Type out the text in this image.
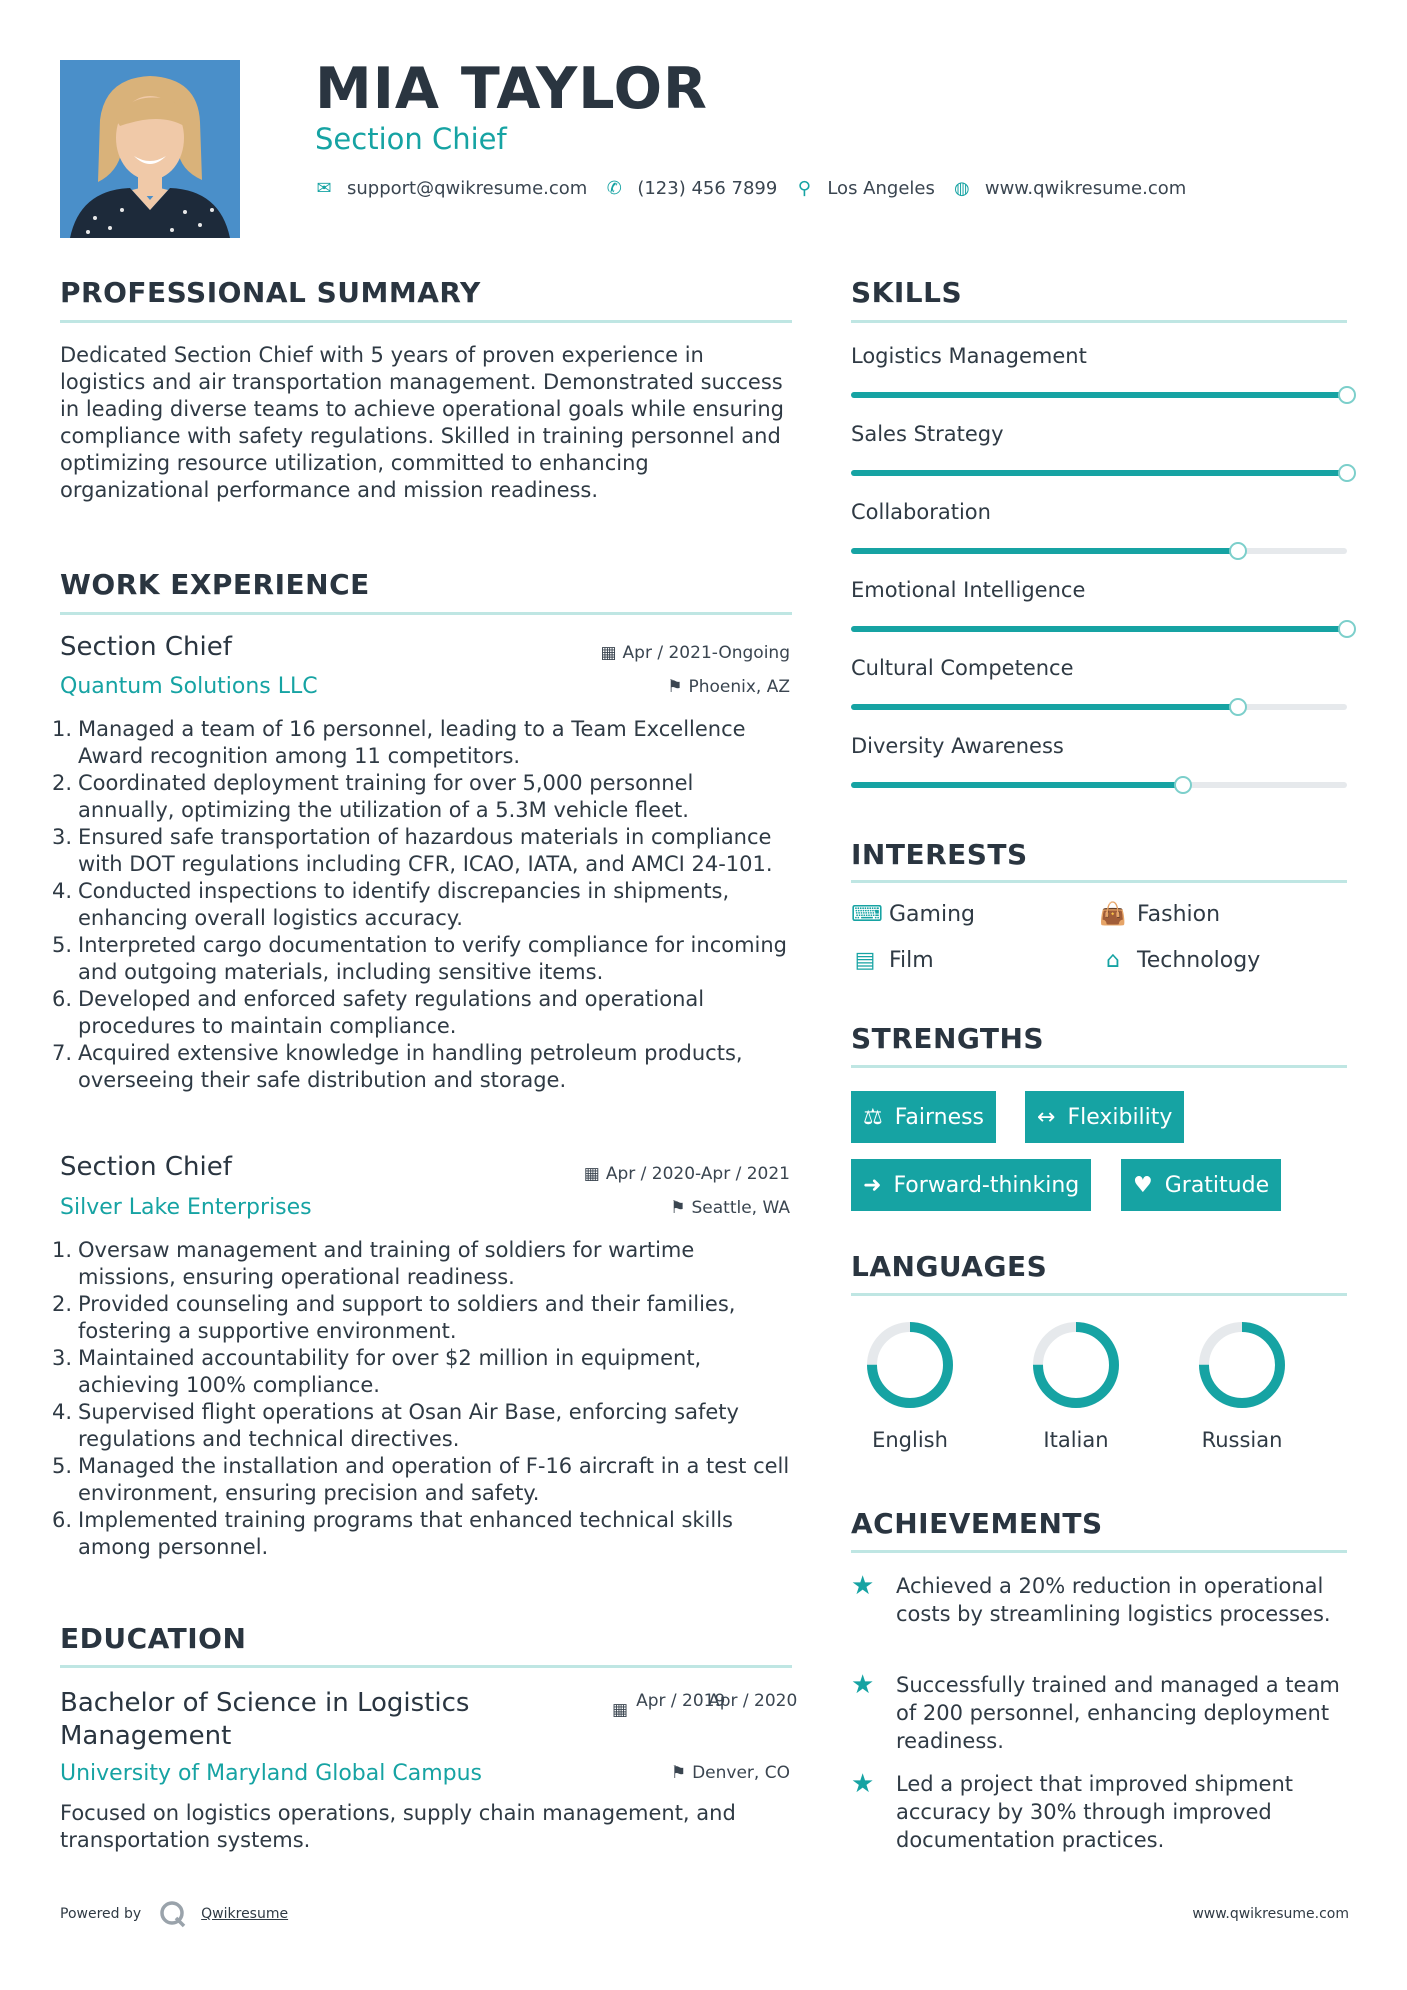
MIA TAYLOR
Section Chief
✉ support@qwikresume.com ✆ (123) 456 7899 ⚲ Los Angeles ◍ www.qwikresume.com
PROFESSIONAL SUMMARY
Dedicated Section Chief with 5 years of proven experience in logistics and air transportation management. Demonstrated success in leading diverse teams to achieve operational goals while ensuring compliance with safety regulations. Skilled in training personnel and optimizing resource utilization, committed to enhancing organizational performance and mission readiness.
WORK EXPERIENCE
Section Chief	▦ Apr / 2021-Ongoing
Quantum Solutions LLC	⚑ Phoenix, AZ
1. Managed a team of 16 personnel, leading to a Team Excellence Award recognition among 11 competitors.
2. Coordinated deployment training for over 5,000 personnel annually, optimizing the utilization of a 5.3M vehicle fleet.
3. Ensured safe transportation of hazardous materials in compliance with DOT regulations including CFR, ICAO, IATA, and AMCI 24-101.
4. Conducted inspections to identify discrepancies in shipments, enhancing overall logistics accuracy.
5. Interpreted cargo documentation to verify compliance for incoming and outgoing materials, including sensitive items.
6. Developed and enforced safety regulations and operational procedures to maintain compliance.
7. Acquired extensive knowledge in handling petroleum products, overseeing their safe distribution and storage.
Section Chief	▦ Apr / 2020-Apr / 2021
Silver Lake Enterprises	⚑ Seattle, WA
1. Oversaw management and training of soldiers for wartime missions, ensuring operational readiness.
2. Provided counseling and support to soldiers and their families, fostering a supportive environment.
3. Maintained accountability for over $2 million in equipment, achieving 100% compliance.
4. Supervised flight operations at Osan Air Base, enforcing safety regulations and technical directives.
5. Managed the installation and operation of F-16 aircraft in a test cell environment, ensuring precision and safety.
6. Implemented training programs that enhanced technical skills among personnel.
EDUCATION
Bachelor of Science in Logistics Management
▦ Apr / 2019
Apr / 2020
University of Maryland Global Campus	⚑ Denver, CO
Focused on logistics operations, supply chain management, and transportation systems.
SKILLS
Logistics Management
Sales Strategy
Collaboration
Emotional Intelligence
Cultural Competence
Diversity Awareness
INTERESTS
⌨ Gaming	👜 Fashion
▤ Film	⌂ Technology
STRENGTHS
⚖ Fairness ↔ Flexibility
➜ Forward-thinking ♥ Gratitude
LANGUAGES
English	Italian	Russian
ACHIEVEMENTS
★ Achieved a 20% reduction in operational costs by streamlining logistics processes.
★ Successfully trained and managed a team of 200 personnel, enhancing deployment readiness.
★ Led a project that improved shipment accuracy by 30% through improved documentation practices.
Powered by	Qwikresume	www.qwikresume.com
